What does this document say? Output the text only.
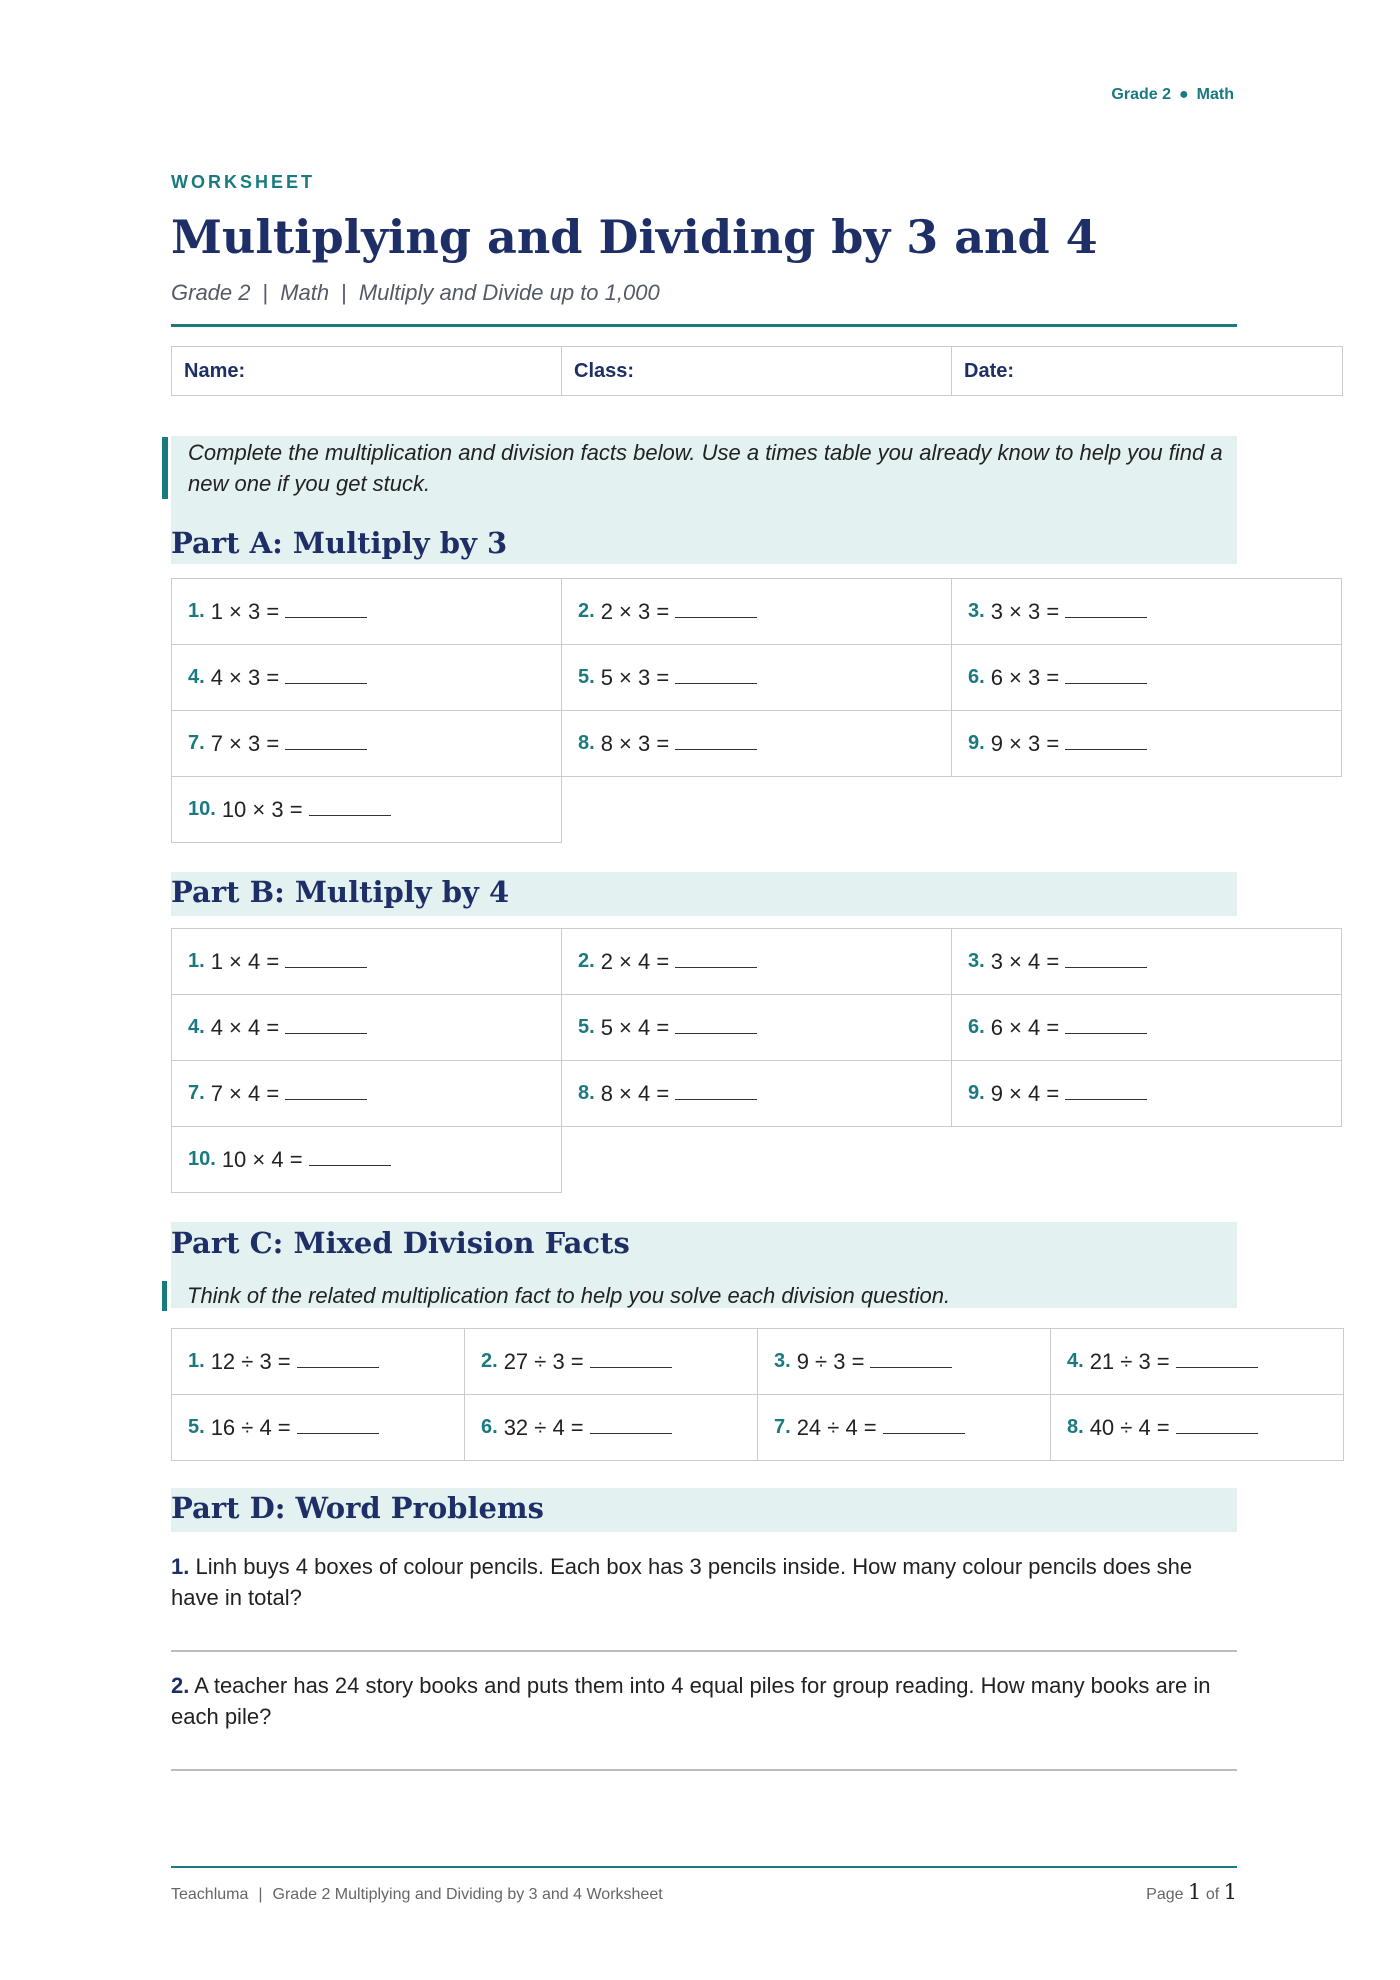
Grade 2 ● Math
WORKSHEET
Multiplying and Dividing by 3 and 4
Grade 2 | Math | Multiply and Divide up to 1,000
Name:	Class:	Date:
Complete the multiplication and division facts below. Use a times table you already know to help you find a new one if you get stuck.
Part A: Multiply by 3
1. 1 × 3 =	2. 2 × 3 =	3. 3 × 3 =
4. 4 × 3 =	5. 5 × 3 =	6. 6 × 3 =
7. 7 × 3 =	8. 8 × 3 =	9. 9 × 3 =
10. 10 × 3 =
Part B: Multiply by 4
1. 1 × 4 =	2. 2 × 4 =	3. 3 × 4 =
4. 4 × 4 =	5. 5 × 4 =	6. 6 × 4 =
7. 7 × 4 =	8. 8 × 4 =	9. 9 × 4 =
10. 10 × 4 =
Part C: Mixed Division Facts
Think of the related multiplication fact to help you solve each division question.
1. 12 ÷ 3 =	2. 27 ÷ 3 =	3. 9 ÷ 3 =	4. 21 ÷ 3 =
5. 16 ÷ 4 =	6. 32 ÷ 4 =	7. 24 ÷ 4 =	8. 40 ÷ 4 =
Part D: Word Problems
1. Linh buys 4 boxes of colour pencils. Each box has 3 pencils inside. How many colour pencils does she have in total?
2. A teacher has 24 story books and puts them into 4 equal piles for group reading. How many books are in each pile?
Teachluma | Grade 2 Multiplying and Dividing by 3 and 4 Worksheet	Page 1 of 1
